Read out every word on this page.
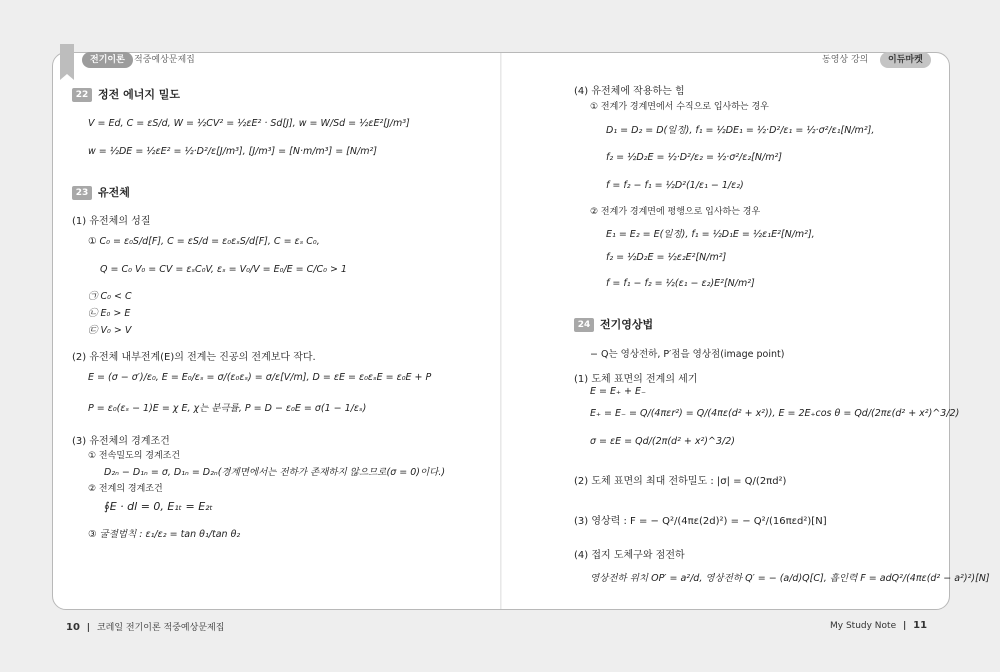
전기이론	적중예상문제집	동영상 강의	이듀마켓
22 정전 에너지 밀도
V = Ed, C = εS/d, W = ½CV² = ½εE² · Sd[J], w = W/Sd = ½εE²[J/m³]
w = ½DE = ½εE² = ½·D²/ε[J/m³], [J/m³] = [N·m/m³] = [N/m²]
23 유전체
(1) 유전체의 성질
① C₀ = ε₀S/d[F], C = εS/d = ε₀εₛS/d[F], C = εₛ C₀,
Q = C₀ V₀ = CV = εₛC₀V, εₛ = V₀/V = E₀/E = C/C₀ > 1
㉠ C₀ < C
㉡ E₀ > E
㉢ V₀ > V
(2) 유전체 내부전계(E)의 전계는 진공의 전계보다 작다.
E = (σ − σ′)/ε₀, E = E₀/εₛ = σ/(ε₀εₛ) = σ/ε[V/m], D = εE = ε₀εₛE = ε₀E + P
P = ε₀(εₛ − 1)E = χ E, χ는 분극률, P = D − ε₀E = σ(1 − 1/εₛ)
(3) 유전체의 경계조건
① 전속밀도의 경계조건
D₂ₙ − D₁ₙ = σ, D₁ₙ = D₂ₙ(경계면에서는 전하가 존재하지 않으므로(σ = 0)이다.)
② 전계의 경계조건
∮E · dl = 0, E₁ₜ = E₂ₜ
③ 굴절법칙 : ε₁/ε₂ = tan θ₁/tan θ₂
(4) 유전체에 작용하는 힘
① 전계가 경계면에서 수직으로 입사하는 경우
D₁ = D₂ = D(일정), f₁ = ½DE₁ = ½·D²/ε₁ = ½·σ²/ε₁[N/m²],
f₂ = ½D₂E = ½·D²/ε₂ = ½·σ²/ε₂[N/m²]
f = f₂ − f₁ = ½D²(1/ε₁ − 1/ε₂)
② 전계가 경계면에 평행으로 입사하는 경우
E₁ = E₂ = E(일정), f₁ = ½D₁E = ½ε₁E²[N/m²],
f₂ = ½D₂E = ½ε₂E²[N/m²]
f = f₁ − f₂ = ½(ε₁ − ε₂)E²[N/m²]
24 전기영상법
− Q는 영상전하, P′점을 영상점(image point)
(1) 도체 표면의 전계의 세기
E = E₊ + E₋
E₊ = E₋ = Q/(4πεr²) = Q/(4πε(d² + x²)), E = 2E₊cos θ = Qd/(2πε(d² + x²)^3/2)
σ = εE = Qd/(2π(d² + x²)^3/2)
(2) 도체 표면의 최대 전하밀도 : |σ| = Q/(2πd²)
(3) 영상력 : F = − Q²/(4πε(2d)²) = − Q²/(16πεd²)[N]
(4) 접지 도체구와 점전하
영상전하 위치 OP′ = a²/d, 영상전하 Q′ = − (a/d)Q[C], 흡인력 F = adQ²/(4πε(d² − a²)²)[N]
10 | 코레일 전기이론 적중예상문제집	My Study Note | 11
